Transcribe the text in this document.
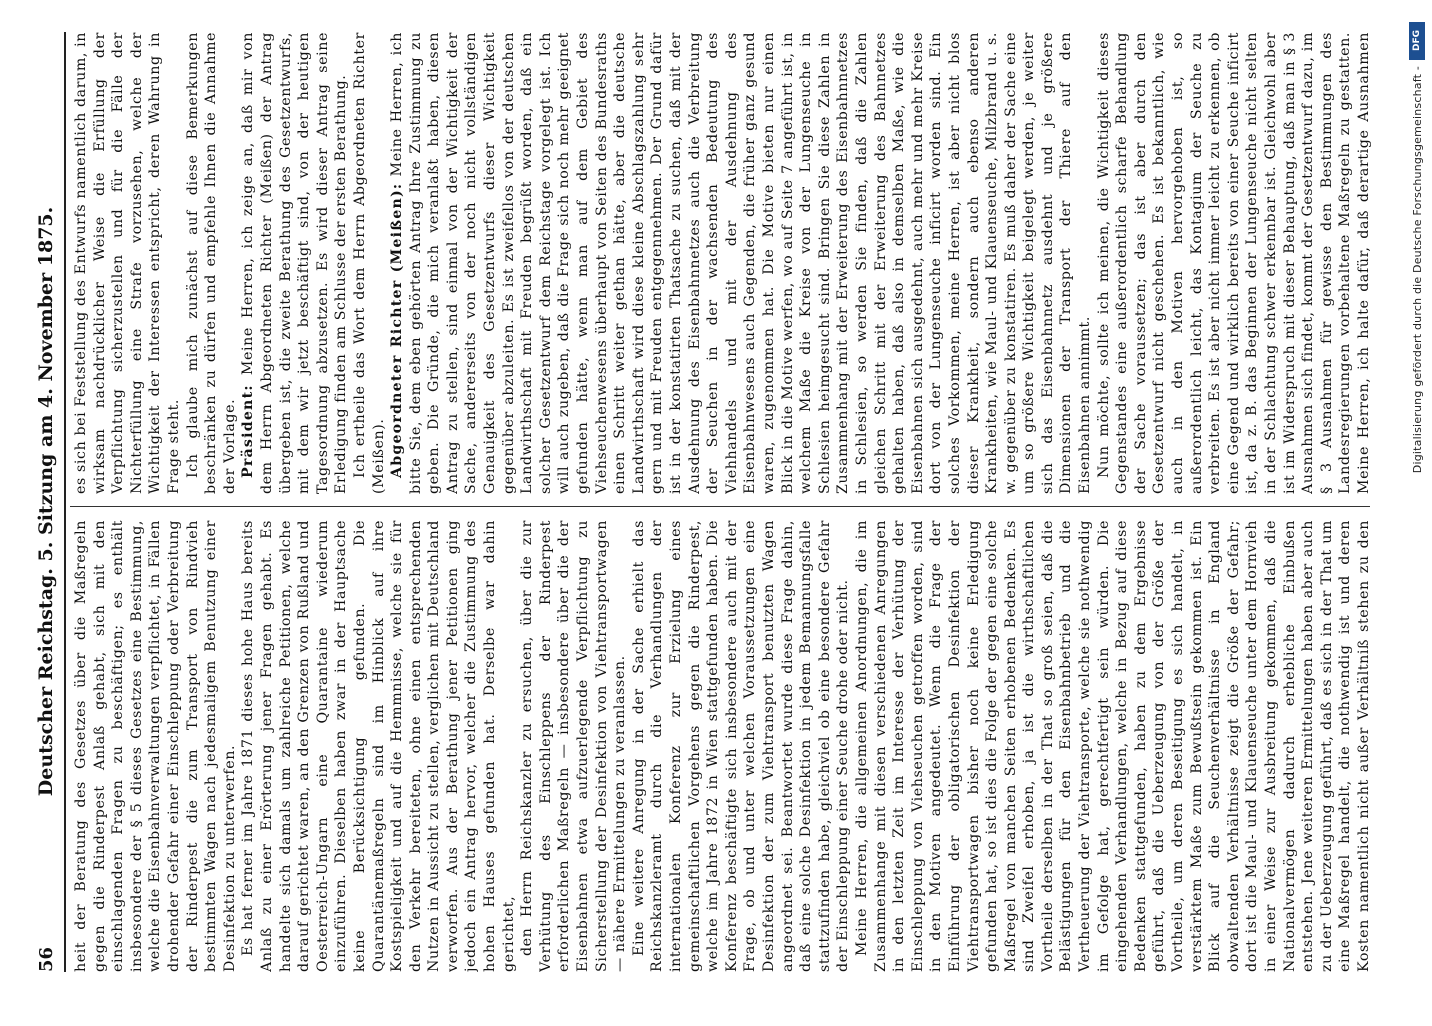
56
Deutscher Reichstag. 5. Sitzung am 4. November 1875. heit der Beratung des Gesetzes über die Maßregeln gegen die Rinderpest Anlaß gehabt, sich mit den einschlagenden Fragen zu beschäftigen; es enthält insbesondere der § 5 dieses Gesetzes eine Bestimmung, welche die Eisenbahnverwaltungen verpflichtet, in Fällen drohender Gefahr einer Einschleppung oder Verbreitung der Rinderpest die zum Transport von Rindvieh bestimmten Wagen nach jedesmaligem Benutzung einer Desinfektion zu unterwerfen. Es hat ferner im Jahre 1871 dieses hohe Haus bereits Anlaß zu einer Erörterung jener Fragen gehabt. Es handelte sich damals um zahlreiche Petitionen, welche darauf gerichtet waren, an den Grenzen von Rußland und Oesterreich-Ungarn eine Quarantaine wiederum einzuführen. Dieselben haben zwar in der Hauptsache keine Berücksichtigung gefunden. Die Quarantänemaßregeln sind im Hinblick auf ihre Kostspieligkeit und auf die Hemmnisse, welche sie für den Verkehr bereiteten, ohne einen entsprechenden Nutzen in Aussicht zu stellen, verglichen mit Deutschland verworfen. Aus der Berathung jener Petitionen ging jedoch ein Antrag hervor, welcher die Zustimmung des hohen Hauses gefunden hat. Derselbe war dahin gerichtet, den Herrn Reichskanzler zu ersuchen, über die zur Verhütung des Einschleppens der Rinderpest erforderlichen Maßregeln — insbesondere über die der Eisenbahnen etwa aufzuerlegende Verpflichtung zu Sicherstellung der Desinfektion von Viehtransportwagen — nähere Ermittelungen zu veranlassen. Eine weitere Anregung in der Sache erhielt das Reichskanzleramt durch die Verhandlungen der internationalen Konferenz zur Erzielung eines gemeinschaftlichen Vorgehens gegen die Rinderpest, welche im Jahre 1872 in Wien stattgefunden haben. Die Konferenz beschäftigte sich insbesondere auch mit der Frage, ob und unter welchen Voraussetzungen eine Desinfektion der zum Viehtransport benutzten Wagen angeordnet sei. Beantwortet wurde diese Frage dahin, daß eine solche Desinfektion in jedem Bemannungsfalle stattzufinden habe, gleichviel ob eine besondere Gefahr der Einschleppung einer Seuche drohe oder nicht. Meine Herren, die allgemeinen Anordnungen, die im Zusammenhange mit diesen verschiedenen Anregungen in den letzten Zeit im Interesse der Verhütung der Einschleppung von Viehseuchen getroffen worden, sind in den Motiven angedeutet. Wenn die Frage der Einführung der obligatorischen Desinfektion der Viehtransportwagen bisher noch keine Erledigung gefunden hat, so ist dies die Folge der gegen eine solche Maßregel von manchen Seiten erhobenen Bedenken. Es sind Zweifel erhoben, ja ist die wirthschaftlichen Vortheile derselben in der That so groß seien, daß die Belästigungen für den Eisenbahnbetrieb und die Vertheuerung der Viehtransporte, welche sie nothwendig im Gefolge hat, gerechtfertigt sein würden. Die eingehenden Verhandlungen, welche in Bezug auf diese Bedenken stattgefunden, haben zu dem Ergebnisse geführt, daß die Ueberzeugung von der Größe der Vortheile, um deren Beseitigung es sich handelt, in verstärktem Maße zum Bewußtsein gekommen ist. Ein Blick auf die Seuchenverhältnisse in England obwaltenden Verhältnisse zeigt die Größe der Gefahr; dort ist die Maul- und Klauenseuche unter dem Hornvieh in einer Weise zur Ausbreitung gekommen, daß die Nationalvermögen dadurch erhebliche Einbußen entstehen. Jene weiteren Ermittelungen haben aber auch zu der Ueberzeugung geführt, daß es sich in der That um eine Maßregel handelt, die nothwendig ist und deren Kosten namentlich nicht außer Verhältniß stehen zu den

es sich bei Feststellung des Entwurfs namentlich darum, in wirksam nachdrücklicher Weise die Erfüllung der Verpflichtung sicherzustellen und für die Fälle der Nichterfüllung eine Strafe vorzusehen, welche der Wichtigkeit der Interessen entspricht, deren Wahrung in Frage steht. Ich glaube mich zunächst auf diese Bemerkungen beschränken zu dürfen und empfehle Ihnen die Annahme der Vorlage. Präsident: Meine Herren, ich zeige an, daß mir von dem Herrn Abgeordneten Richter (Meißen) der Antrag übergeben ist, die zweite Berathung des Gesetzentwurfs, mit dem wir jetzt beschäftigt sind, von der heutigen Tagesordnung abzusetzen. Es wird dieser Antrag seine Erledigung finden am Schlusse der ersten Berathung. Ich ertheile das Wort dem Herrn Abgeordneten Richter (Meißen). Abgeordneter Richter (Meißen): Meine Herren, ich bitte Sie, dem eben gehörten Antrag Ihre Zustimmung zu geben. Die Gründe, die mich veranlaßt haben, diesen Antrag zu stellen, sind einmal von der Wichtigkeit der Sache, andererseits von der noch nicht vollständigen Genauigkeit des Gesetzentwurfs dieser Wichtigkeit gegenüber abzuleiten. Es ist zweifellos von der deutschen Landwirthschaft mit Freuden begrüßt worden, daß ein solcher Gesetzentwurf dem Reichstage vorgelegt ist. Ich will auch zugeben, daß die Frage sich noch mehr geeignet gefunden hätte, wenn man auf dem Gebiet des Viehseuchenwesens überhaupt von Seiten des Bundesraths einen Schritt weiter gethan hätte, aber die deutsche Landwirthschaft wird diese kleine Abschlagszahlung sehr gern und mit Freuden entgegennehmen. Der Grund dafür ist in der konstatirten Thatsache zu suchen, daß mit der Ausdehnung des Eisenbahnnetzes auch die Verbreitung der Seuchen in der wachsenden Bedeutung des Viehhandels und mit der Ausdehnung des Eisenbahnwesens auch Gegenden, die früher ganz gesund waren, zugenommen hat. Die Motive bieten nur einen Blick in die Motive werfen, wo auf Seite 7 angeführt ist, in welchem Maße die Kreise von der Lungenseuche in Schlesien heimgesucht sind. Bringen Sie diese Zahlen in Zusammenhang mit der Erweiterung des Eisenbahnnetzes in Schlesien, so werden Sie finden, daß die Zahlen gleichen Schritt mit der Erweiterung des Bahnnetzes gehalten haben, daß also in demselben Maße, wie die Eisenbahnen sich ausgedehnt, auch mehr und mehr Kreise dort von der Lungenseuche inficirt worden sind. Ein solches Vorkommen, meine Herren, ist aber nicht blos dieser Krankheit, sondern auch ebenso anderen Krankheiten, wie Maul- und Klauenseuche, Milzbrand u. s. w. gegenüber zu konstatiren. Es muß daher der Sache eine um so größere Wichtigkeit beigelegt werden, je weiter sich das Eisenbahnnetz ausdehnt und je größere Dimensionen der Transport der Thiere auf den Eisenbahnen annimmt. Nun möchte, sollte ich meinen, die Wichtigkeit dieses Gegenstandes eine außerordentlich scharfe Behandlung der Sache voraussetzen; das ist aber durch den Gesetzentwurf nicht geschehen. Es ist bekanntlich, wie auch in den Motiven hervorgehoben ist, so außerordentlich leicht, das Kontagium der Seuche zu verbreiten. Es ist aber nicht immer leicht zu erkennen, ob eine Gegend und wirklich bereits von einer Seuche inficirt ist, da z. B. das Beginnen der Lungenseuche nicht selten in der Schlachtung schwer erkennbar ist. Gleichwohl aber ist im Widerspruch mit dieser Behauptung, daß man in § 3 Ausnahmen sich findet, kommt der Gesetzentwurf dazu, im § 3 Ausnahmen für gewisse den Bestimmungen des Landesregierungen vorbehaltene Maßregeln zu gestatten. Meine Herren, ich halte dafür, daß derartige Ausnahmen	DFG
Digitalisierung gefördert durch die Deutsche Forschungsgemeinschaft -
